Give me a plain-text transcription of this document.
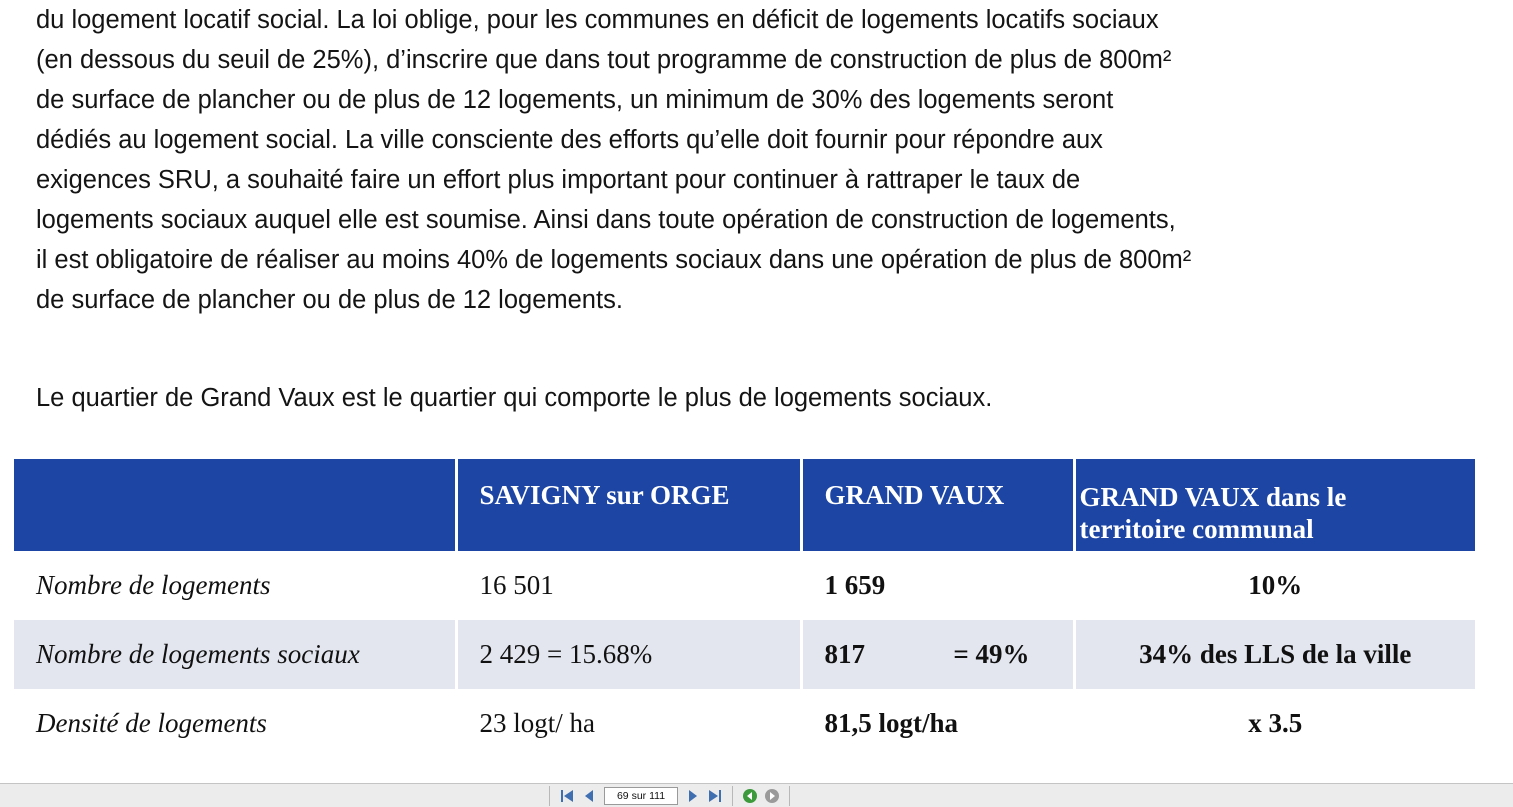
du logement locatif social. La loi oblige, pour les communes en déficit de logements locatifs sociaux
(en dessous du seuil de 25%), d’inscrire que dans tout programme de construction de plus de 800m²
de surface de plancher ou de plus de 12 logements, un minimum de 30% des logements seront
dédiés au logement social. La ville consciente des efforts qu’elle doit fournir pour répondre aux
exigences SRU, a souhaité faire un effort plus important pour continuer à rattraper le taux de
logements sociaux auquel elle est soumise. Ainsi dans toute opération de construction de logements,
il est obligatoire de réaliser au moins 40% de logements sociaux dans une opération de plus de 800m²
de surface de plancher ou de plus de 12 logements.

Le quartier de Grand Vaux est le quartier qui comporte le plus de logements sociaux.

	SAVIGNY sur ORGE	GRAND VAUX	GRAND VAUX dans le territoire communal
Nombre de logements	16 501	1 659	10%
Nombre de logements sociaux	2 429 = 15.68%	817 = 49%	34% des LLS de la ville
Densité de logements	23 logt/ ha	81,5 logt/ha	x 3.5
69 sur 111
